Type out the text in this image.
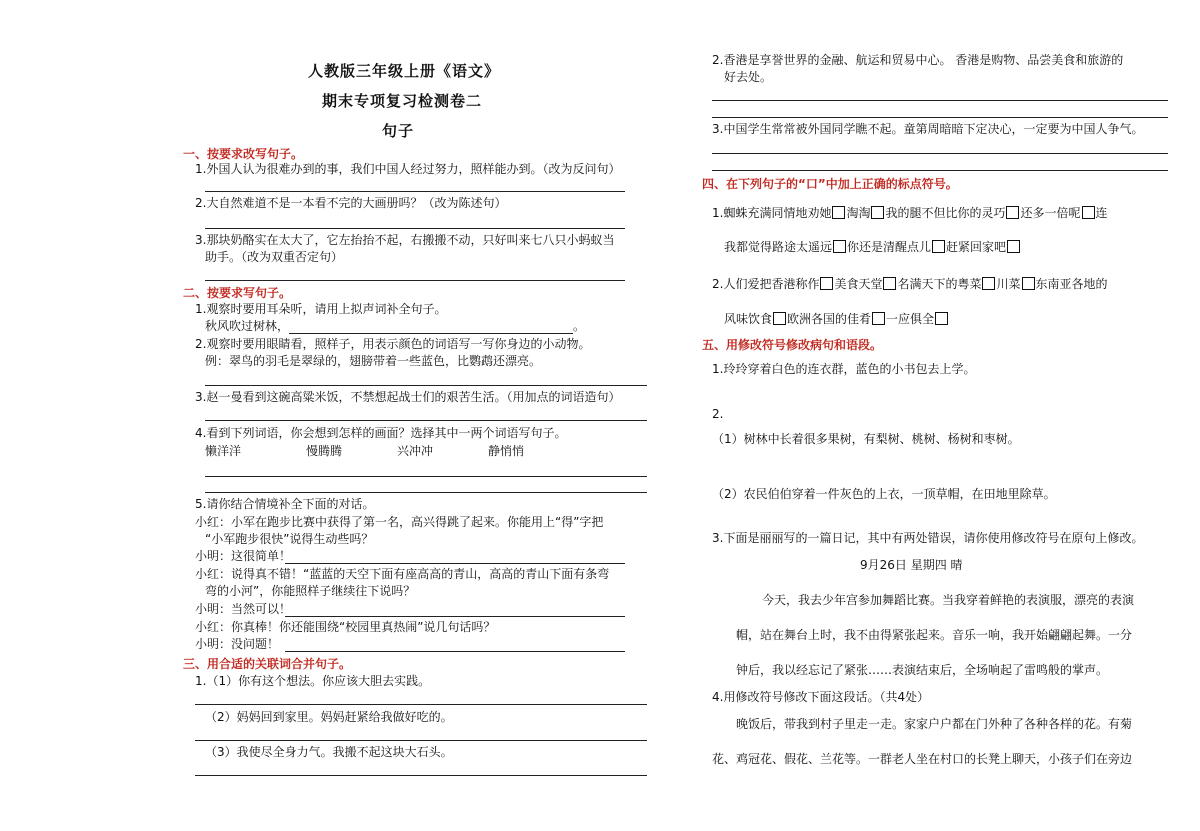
人教版三年级上册《语文》
期末专项复习检测卷二
句子
一、按要求改写句子。
1.外国人认为很难办到的事，我们中国人经过努力，照样能办到。（改为反问句）
2.大自然难道不是一本看不完的大画册吗？（改为陈述句）
3.那块奶酪实在太大了，它左抬抬不起，右搬搬不动，只好叫来七八只小蚂蚁当
助手。（改为双重否定句）
二、按要求写句子。
1.观察时要用耳朵听，请用上拟声词补全句子。
秋风吹过树林，	。
2.观察时要用眼睛看，照样子，用表示颜色的词语写一写你身边的小动物。
例：翠鸟的羽毛是翠绿的，翅膀带着一些蓝色，比鹦鹉还漂亮。
3.赵一曼看到这碗高粱米饭，不禁想起战士们的艰苦生活。（用加点的词语造句）
4.看到下列词语，你会想到怎样的画面？选择其中一两个词语写句子。
懒洋洋	慢腾腾	兴冲冲	静悄悄
5.请你结合情境补全下面的对话。
小红：小军在跑步比赛中获得了第一名，高兴得跳了起来。你能用上“得”字把
“小军跑步很快”说得生动些吗？
小明：这很简单！
小红：说得真不错！“蓝蓝的天空下面有座高高的青山，高高的青山下面有条弯
弯的小河”，你能照样子继续往下说吗？
小明：当然可以！
小红：你真棒！你还能围绕“校园里真热闹”说几句话吗？
小明：没问题！
三、用合适的关联词合并句子。
1.（1）你有这个想法。你应该大胆去实践。
（2）妈妈回到家里。妈妈赶紧给我做好吃的。
（3）我使尽全身力气。我搬不起这块大石头。
2.香港是享誉世界的金融、航运和贸易中心。 香港是购物、品尝美食和旅游的
好去处。
3.中国学生常常被外国同学瞧不起。童第周暗暗下定决心，一定要为中国人争气。
四、在下列句子的“口”中加上正确的标点符号。
1.蜘蛛充满同情地劝她 淘淘 我的腿不但比你的灵巧 还多一倍呢 连
我都觉得路途太遥远 你还是清醒点儿 赶紧回家吧
2.人们爱把香港称作 美食天堂 名满天下的粤菜 川菜 东南亚各地的
风味饮食 欧洲各国的佳肴 一应俱全
五、用修改符号修改病句和语段。
1.玲玲穿着白色的连衣群，蓝色的小书包去上学。
2.
（1）树林中长着很多果树，有梨树、桃树、杨树和枣树。
（2）农民伯伯穿着一件灰色的上衣，一顶草帽，在田地里除草。
3.下面是丽丽写的一篇日记，其中有两处错误，请你使用修改符号在原句上修改。
9月26日 星期四 晴
今天，我去少年宫参加舞蹈比赛。当我穿着鲜艳的表演服，漂亮的表演
帽，站在舞台上时，我不由得紧张起来。音乐一响，我开始翩翩起舞。一分
钟后，我以经忘记了紧张……表演结束后，全场响起了雷鸣般的掌声。
4.用修改符号修改下面这段话。（共4处）
晚饭后，带我到村子里走一走。家家户户都在门外种了各种各样的花。有菊
花、鸡冠花、假花、兰花等。一群老人坐在村口的长凳上聊天，小孩子们在旁边
